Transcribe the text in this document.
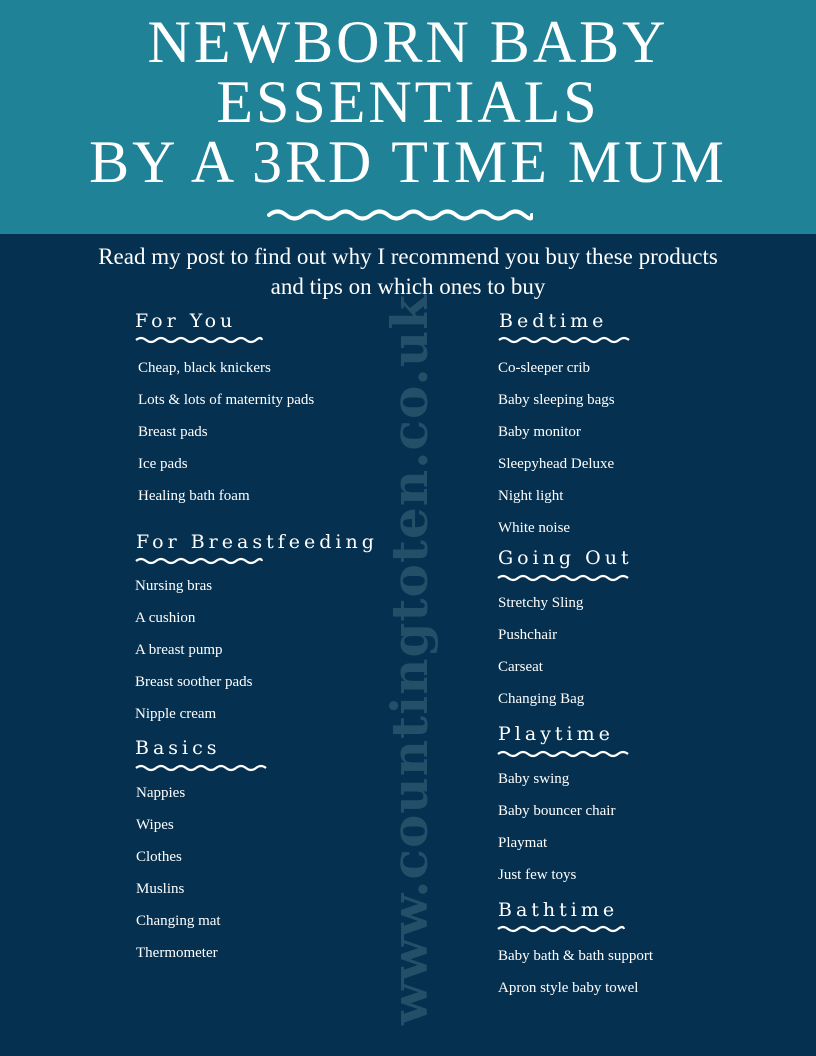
NEWBORN BABY
ESSENTIALS
BY A 3RD TIME MUM
Read my post to find out why I recommend you buy these products
and tips on which ones to buy
www.countingtoten.co.uk
For You
Cheap, black knickers
Lots & lots of maternity pads
Breast pads
Ice pads
Healing bath foam
For Breastfeeding
Nursing bras
A cushion
A breast pump
Breast soother pads
Nipple cream
Basics
Nappies
Wipes
Clothes
Muslins
Changing mat
Thermometer
Bedtime
Co-sleeper crib
Baby sleeping bags
Baby monitor
Sleepyhead Deluxe
Night light
White noise
Going Out
Stretchy Sling
Pushchair
Carseat
Changing Bag
Playtime
Baby swing
Baby bouncer chair
Playmat
Just few toys
Bathtime
Baby bath & bath support
Apron style baby towel
